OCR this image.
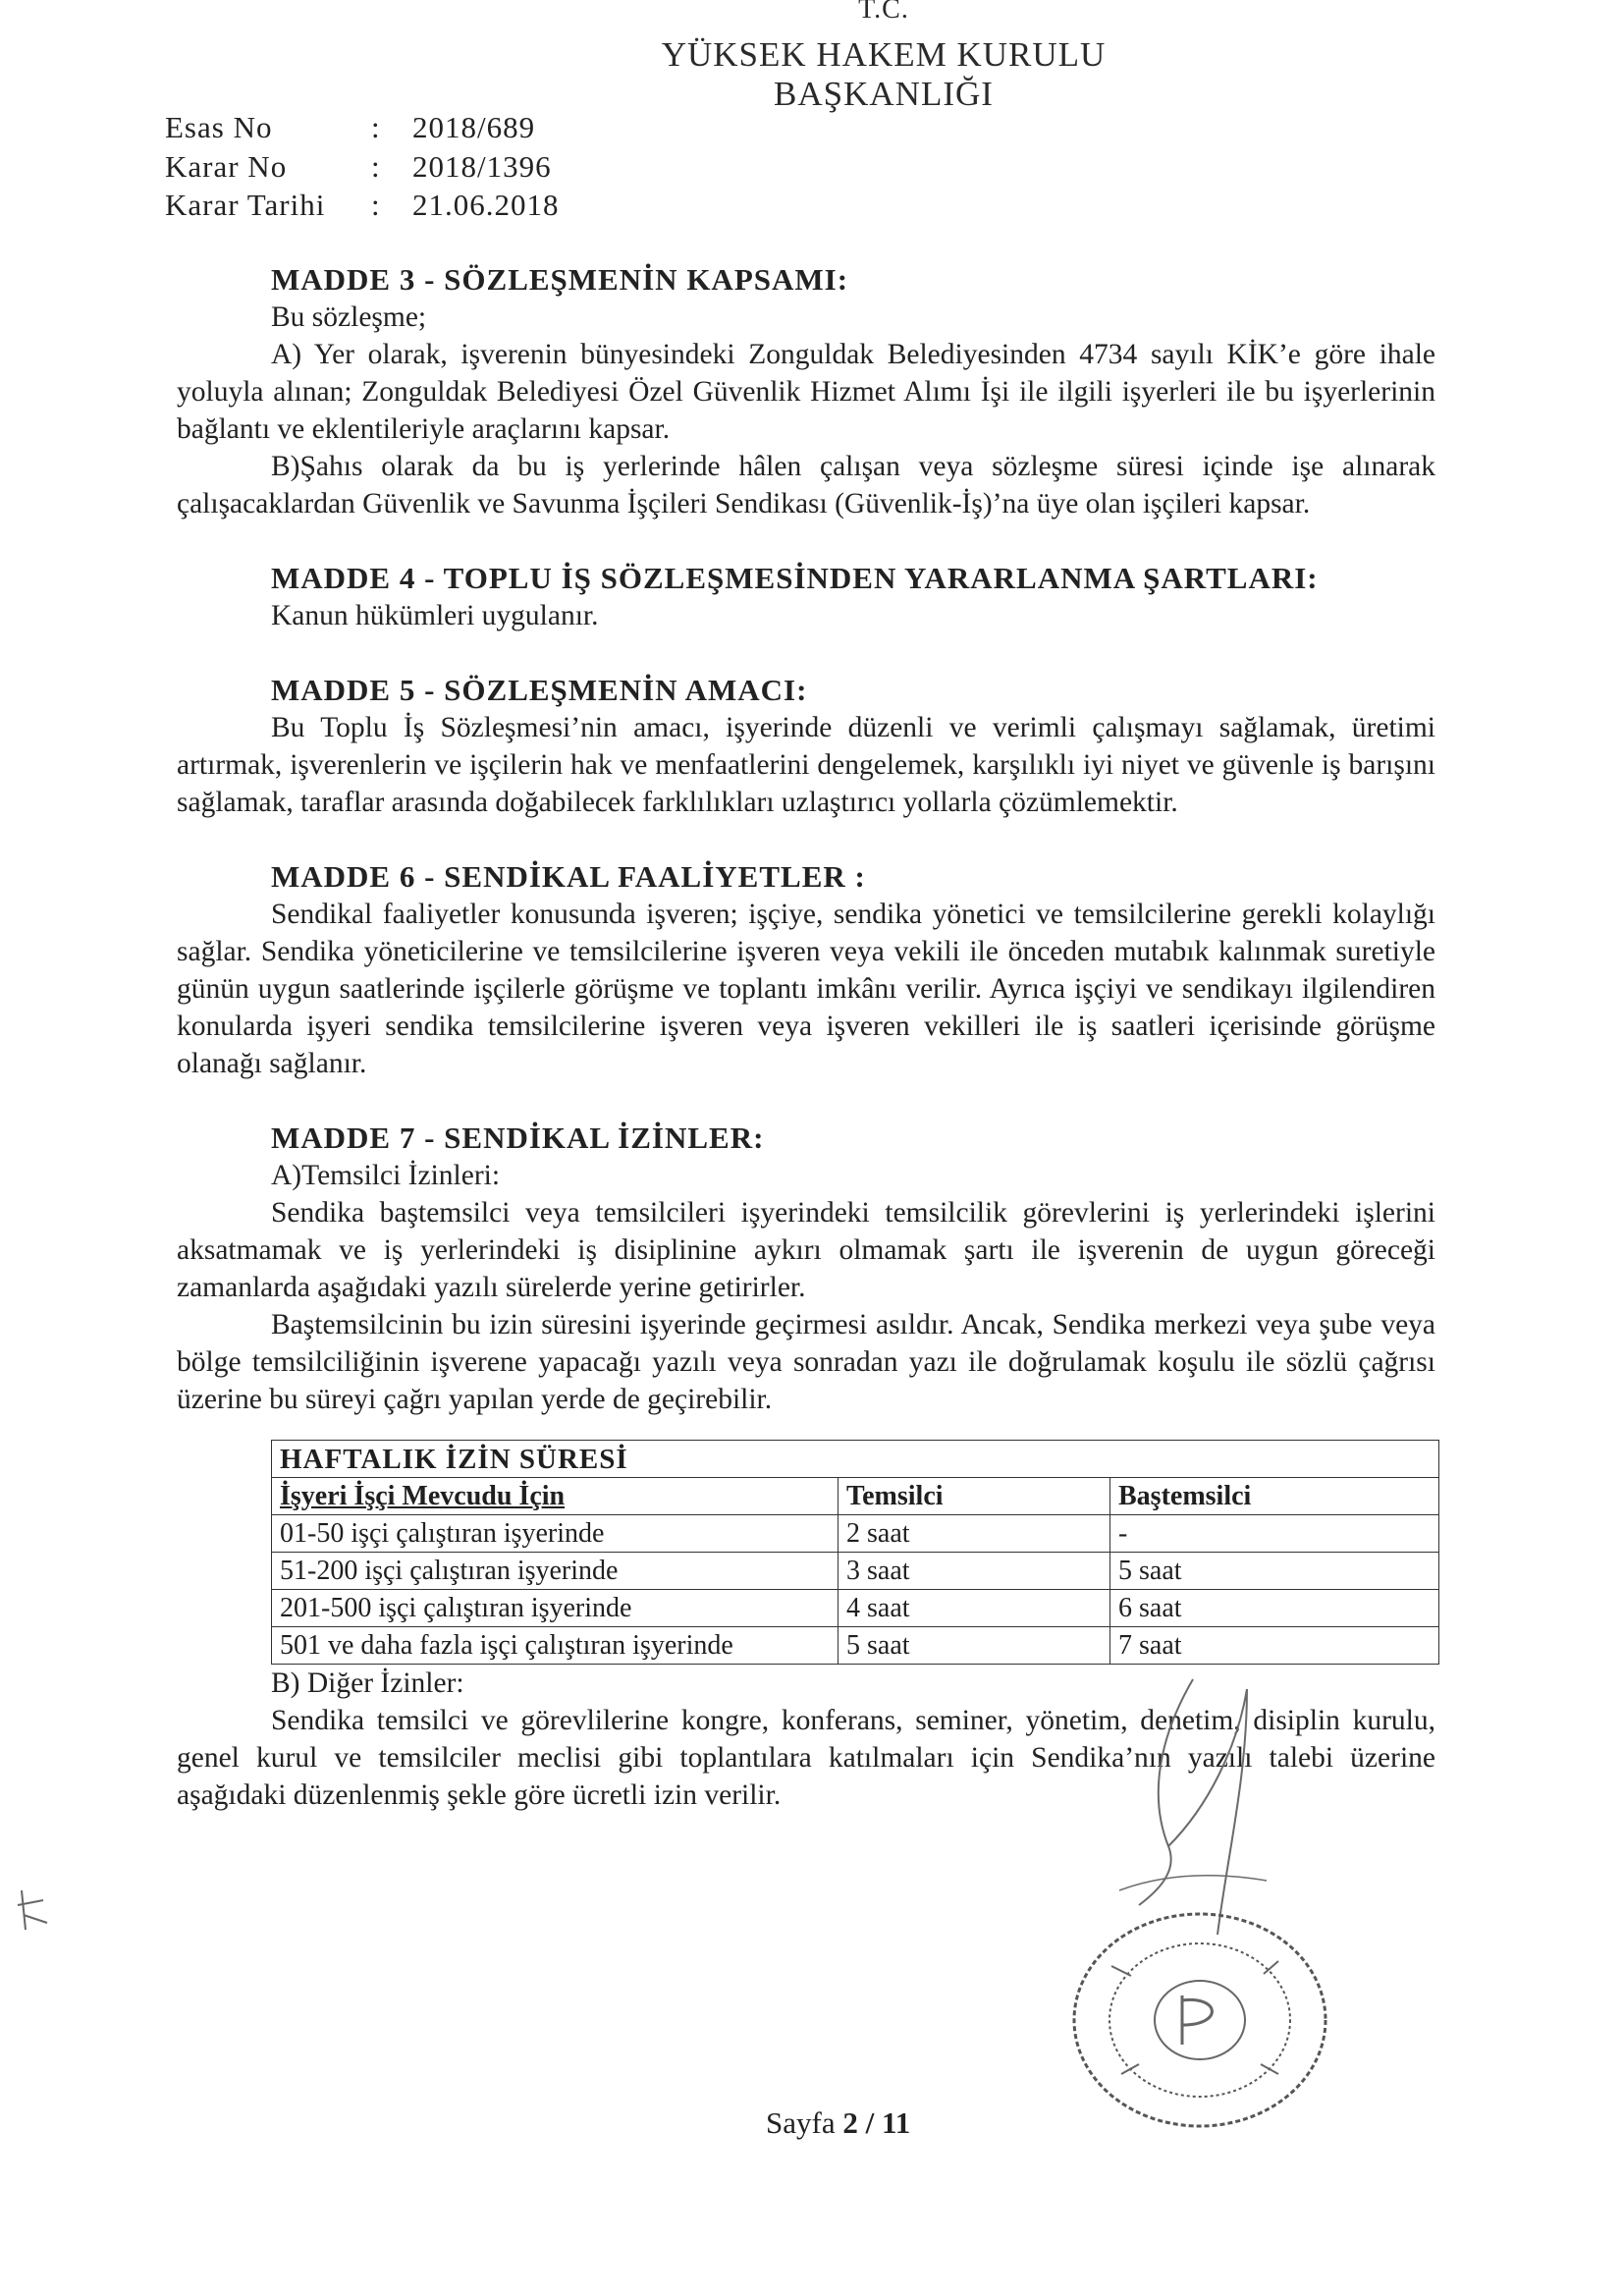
T.C.
YÜKSEK HAKEM KURULU
BAŞKANLIĞI
Esas No	: 2018/689
Karar No	: 2018/1396
Karar Tarihi : 21.06.2018
MADDE 3 - SÖZLEŞMENİN KAPSAMI:

Bu sözleşme;

A) Yer olarak, işverenin bünyesindeki Zonguldak Belediyesinden 4734 sayılı KİK’e göre ihale yoluyla alınan; Zonguldak Belediyesi Özel Güvenlik Hizmet Alımı İşi ile ilgili işyerleri ile bu işyerlerinin bağlantı ve eklentileriyle araçlarını kapsar.

B)Şahıs olarak da bu iş yerlerinde hâlen çalışan veya sözleşme süresi içinde işe alınarak çalışacaklardan Güvenlik ve Savunma İşçileri Sendikası (Güvenlik-İş)’na üye olan işçileri kapsar.

MADDE 4 - TOPLU İŞ SÖZLEŞMESİNDEN YARARLANMA ŞARTLARI:

Kanun hükümleri uygulanır.

MADDE 5 - SÖZLEŞMENİN AMACI:

Bu Toplu İş Sözleşmesi’nin amacı, işyerinde düzenli ve verimli çalışmayı sağlamak, üretimi artırmak, işverenlerin ve işçilerin hak ve menfaatlerini dengelemek, karşılıklı iyi niyet ve güvenle iş barışını sağlamak, taraflar arasında doğabilecek farklılıkları uzlaştırıcı yollarla çözümlemektir.

MADDE 6 - SENDİKAL FAALİYETLER :

Sendikal faaliyetler konusunda işveren; işçiye, sendika yönetici ve temsilcilerine gerekli kolaylığı sağlar. Sendika yöneticilerine ve temsilcilerine işveren veya vekili ile önceden mutabık kalınmak suretiyle günün uygun saatlerinde işçilerle görüşme ve toplantı imkânı verilir. Ayrıca işçiyi ve sendikayı ilgilendiren konularda işyeri sendika temsilcilerine işveren veya işveren vekilleri ile iş saatleri içerisinde görüşme olanağı sağlanır.

MADDE 7 - SENDİKAL İZİNLER:

A)Temsilci İzinleri:

Sendika baştemsilci veya temsilcileri işyerindeki temsilcilik görevlerini iş yerlerindeki işlerini aksatmamak ve iş yerlerindeki iş disiplinine aykırı olmamak şartı ile işverenin de uygun göreceği zamanlarda aşağıdaki yazılı sürelerde yerine getirirler.

Baştemsilcinin bu izin süresini işyerinde geçirmesi asıldır. Ancak, Sendika merkezi veya şube veya bölge temsilciliğinin işverene yapacağı yazılı veya sonradan yazı ile doğrulamak koşulu ile sözlü çağrısı üzerine bu süreyi çağrı yapılan yerde de geçirebilir.

HAFTALIK İZİN SÜRESİ		
İşyeri İşçi Mevcudu İçin	Temsilci	Baştemsilci
01-50 işçi çalıştıran işyerinde	2 saat	-
51-200 işçi çalıştıran işyerinde	3 saat	5 saat
201-500 işçi çalıştıran işyerinde	4 saat	6 saat
501 ve daha fazla işçi çalıştıran işyerinde	5 saat	7 saat

B) Diğer İzinler:

Sendika temsilci ve görevlilerine kongre, konferans, seminer, yönetim, denetim, disiplin kurulu, genel kurul ve temsilciler meclisi gibi toplantılara katılmaları için Sendika’nın yazılı talebi üzerine aşağıdaki düzenlenmiş şekle göre ücretli izin verilir.

Sayfa 2 / 11
